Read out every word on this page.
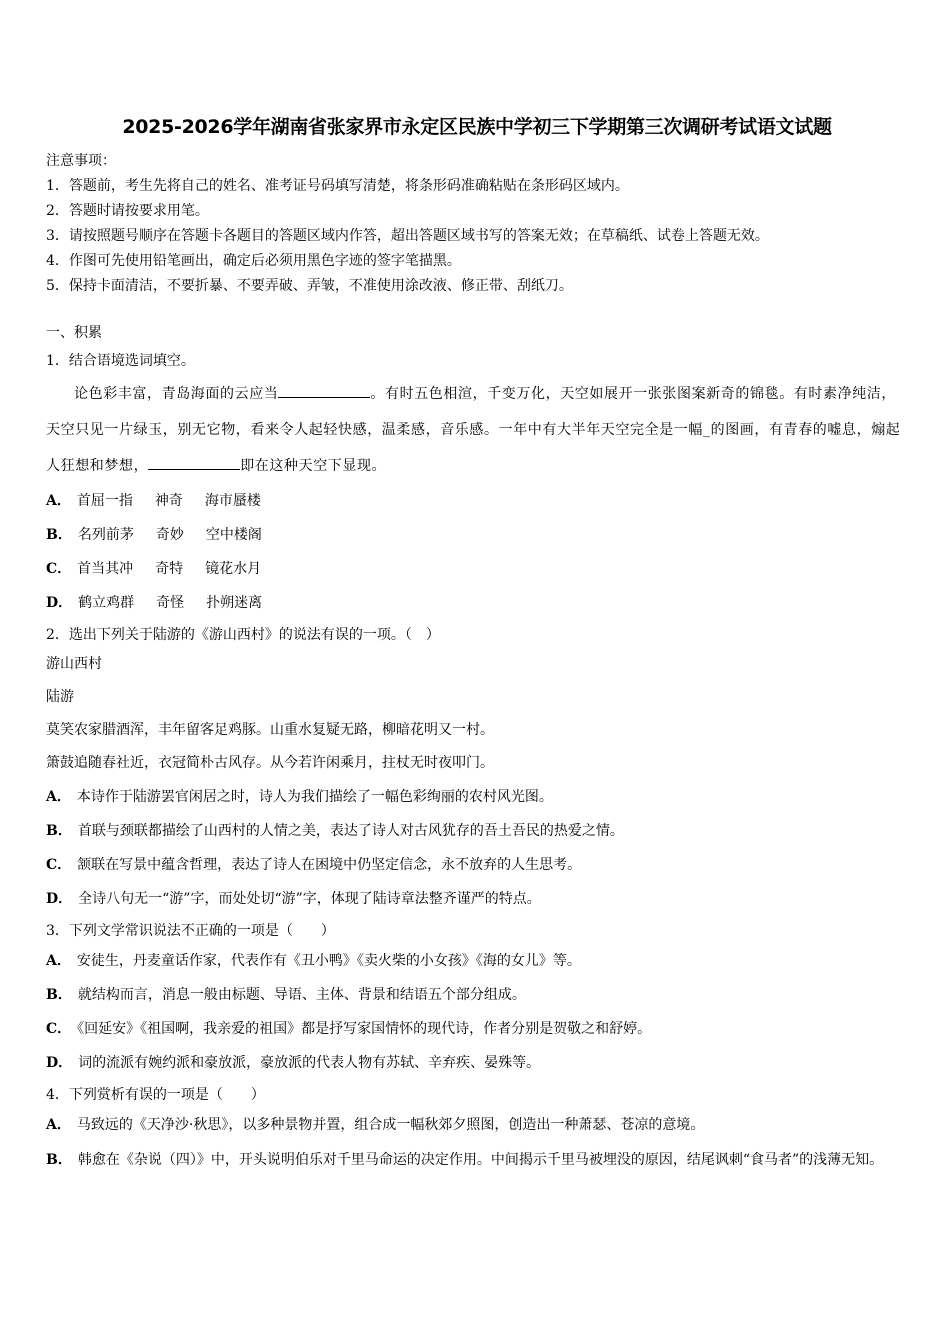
2025-2026学年湖南省张家界市永定区民族中学初三下学期第三次调研考试语文试题
注意事项：
1．答题前，考生先将自己的姓名、准考证号码填写清楚，将条形码准确粘贴在条形码区域内。
2．答题时请按要求用笔。
3．请按照题号顺序在答题卡各题目的答题区域内作答，超出答题区域书写的答案无效；在草稿纸、试卷上答题无效。
4．作图可先使用铅笔画出，确定后必须用黑色字迹的签字笔描黑。
5．保持卡面清洁，不要折暴、不要弄破、弄皱，不准使用涂改液、修正带、刮纸刀。
一、积累
1．结合语境选词填空。
论色彩丰富，青岛海面的云应当	。有时五色相渲，千变万化，天空如展开一张张图案新奇的锦毯。有时素净纯洁，天空只见一片绿玉，别无它物，看来令人起轻快感，温柔感，音乐感。一年中有大半年天空完全是一幅_的图画，有青春的嘘息，煽起人狂想和梦想，	即在这种天空下显现。
A． 首屈一指 神奇 海市蜃楼
B． 名列前茅 奇妙 空中楼阁
C． 首当其冲 奇特 镜花水月
D． 鹤立鸡群 奇怪 扑朔迷离
2．选出下列关于陆游的《游山西村》的说法有误的一项。（　）
游山西村
陆游
莫笑农家腊酒浑，丰年留客足鸡豚。山重水复疑无路，柳暗花明又一村。
箫鼓追随春社近，衣冠简朴古风存。从今若许闲乘月，拄杖无时夜叩门。
A． 本诗作于陆游罢官闲居之时，诗人为我们描绘了一幅色彩绚丽的农村风光图。
B． 首联与颈联都描绘了山西村的人情之美，表达了诗人对古风犹存的吾土吾民的热爱之情。
C． 颔联在写景中蕴含哲理，表达了诗人在困境中仍坚定信念，永不放弃的人生思考。
D． 全诗八句无一“游”字，而处处切“游”字，体现了陆诗章法整齐谨严的特点。
3．下列文学常识说法不正确的一项是（　　）
A． 安徒生，丹麦童话作家，代表作有《丑小鸭》《卖火柴的小女孩》《海的女儿》等。
B． 就结构而言，消息一般由标题、导语、主体、背景和结语五个部分组成。
C． 《回延安》《祖国啊，我亲爱的祖国》都是抒写家国情怀的现代诗，作者分别是贺敬之和舒婷。
D． 词的流派有婉约派和豪放派，豪放派的代表人物有苏轼、辛弃疾、晏殊等。
4．下列赏析有误的一项是（　　）
A． 马致远的《天净沙·秋思》，以多种景物并置，组合成一幅秋郊夕照图，创造出一种萧瑟、苍凉的意境。
B． 韩愈在《杂说（四）》中，开头说明伯乐对千里马命运的决定作用。中间揭示千里马被埋没的原因，结尾讽刺“食马者”的浅薄无知。
